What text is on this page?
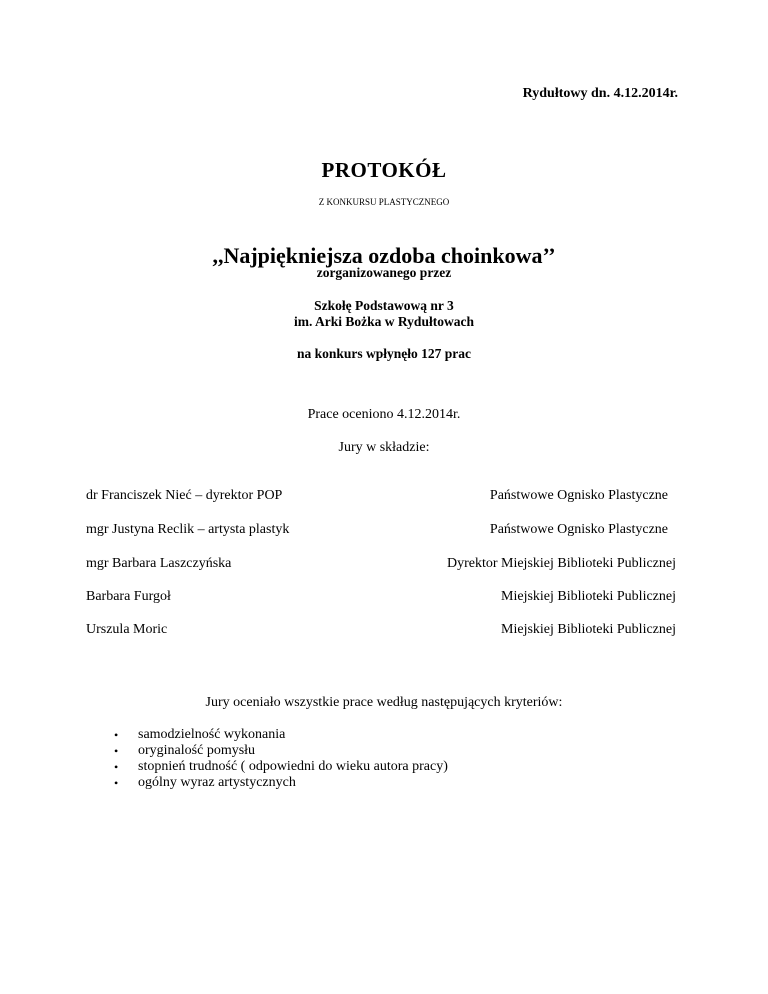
Rydułtowy dn. 4.12.2014r.
PROTOKÓŁ
Z KONKURSU PLASTYCZNEGO
,,Najpiękniejsza ozdoba choinkowa’’
zorganizowanego przez
Szkołę Podstawową nr 3
im. Arki Bożka w Rydułtowach
na konkurs wpłynęło 127 prac
Prace oceniono 4.12.2014r.
Jury w składzie:
dr Franciszek Nieć – dyrektor POP	Państwowe Ognisko Plastyczne
mgr Justyna Reclik – artysta plastyk	Państwowe Ognisko Plastyczne
mgr Barbara Laszczyńska	Dyrektor Miejskiej Biblioteki Publicznej
Barbara Furgoł	Miejskiej Biblioteki Publicznej
Urszula Moric	Miejskiej Biblioteki Publicznej
Jury oceniało wszystkie prace według następujących kryteriów:
• samodzielność wykonania
• oryginalość pomysłu
• stopnień trudność ( odpowiedni do wieku autora pracy)
• ogólny wyraz artystycznych
